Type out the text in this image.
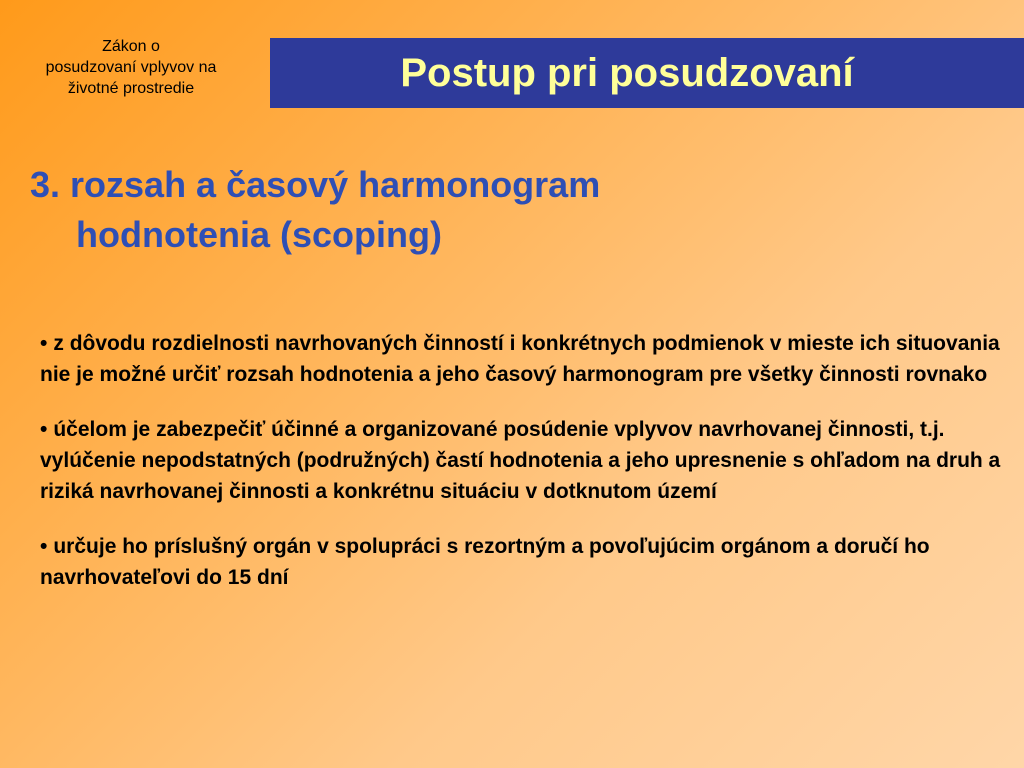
Zákon o
posudzovaní vplyvov na
životné prostredie	Postup pri posudzovaní
3. rozsah a časový harmonogram
hodnotenia (scoping)
• z dôvodu rozdielnosti navrhovaných činností i konkrétnych podmienok v mieste ich situovania nie je možné určiť rozsah hodnotenia a jeho časový harmonogram pre všetky činnosti rovnako
• účelom je zabezpečiť účinné a organizované posúdenie vplyvov navrhovanej činnosti, t.j. vylúčenie nepodstatných (podružných) častí hodnotenia a jeho upresnenie s ohľadom na druh a riziká navrhovanej činnosti a konkrétnu situáciu v dotknutom území
• určuje ho príslušný orgán v spolupráci s rezortným a povoľujúcim orgánom a doručí ho navrhovateľovi do 15 dní
